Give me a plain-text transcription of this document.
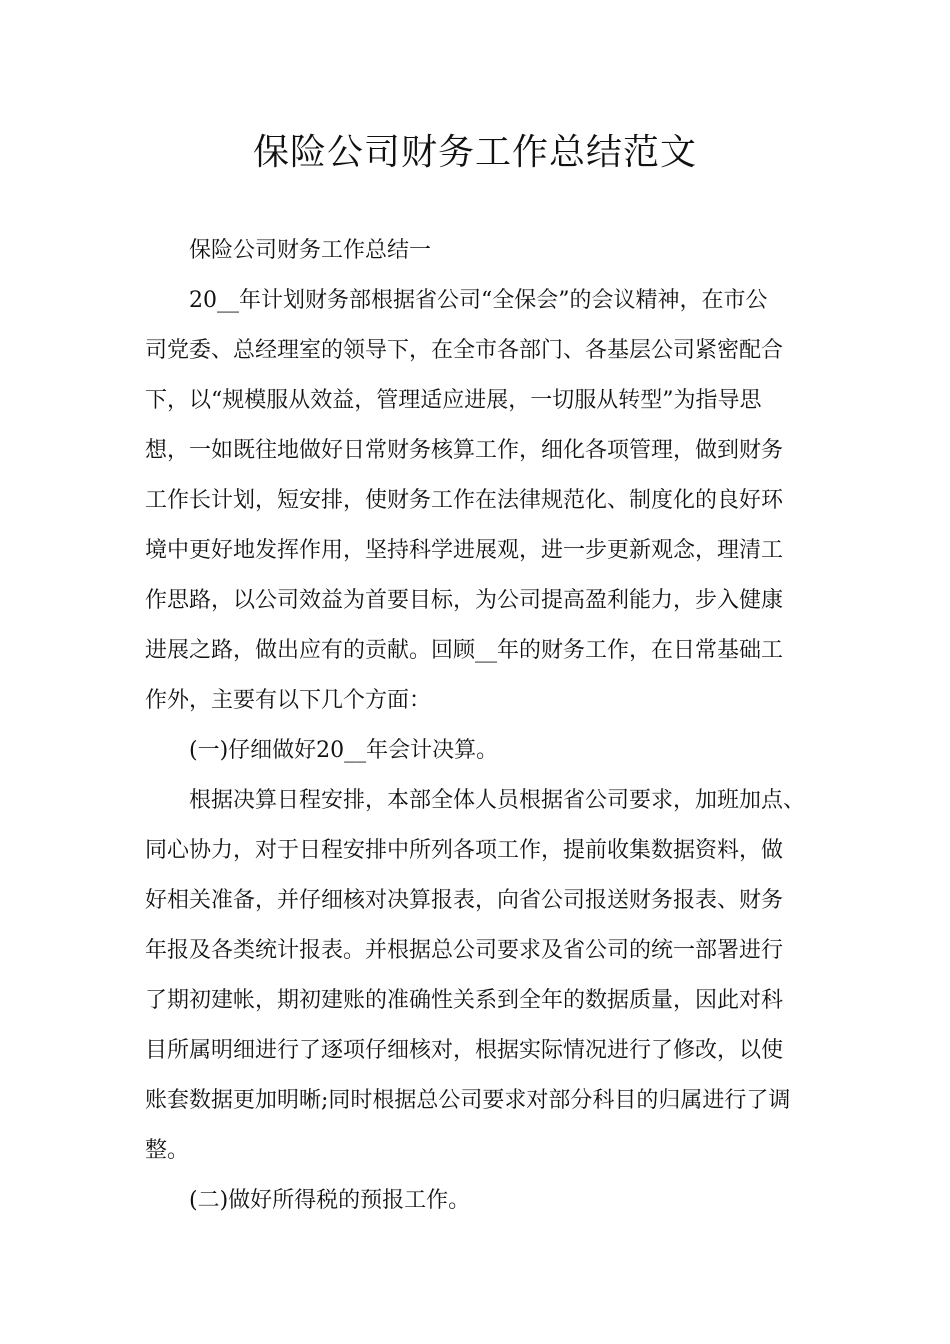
保险公司财务工作总结范文

保险公司财务工作总结一

20__年计划财务部根据省公司“全保会”的会议精神，在市公
司党委、总经理室的领导下，在全市各部门、各基层公司紧密配合
下，以“规模服从效益，管理适应进展，一切服从转型”为指导思
想，一如既往地做好日常财务核算工作，细化各项管理，做到财务
工作长计划，短安排，使财务工作在法律规范化、制度化的良好环
境中更好地发挥作用，坚持科学进展观，进一步更新观念，理清工
作思路，以公司效益为首要目标，为公司提高盈利能力，步入健康
进展之路，做出应有的贡献。回顾__年的财务工作，在日常基础工
作外，主要有以下几个方面：

(一)仔细做好20__年会计决算。

根据决算日程安排，本部全体人员根据省公司要求，加班加点、
同心协力，对于日程安排中所列各项工作，提前收集数据资料，做
好相关准备，并仔细核对决算报表，向省公司报送财务报表、财务
年报及各类统计报表。并根据总公司要求及省公司的统一部署进行
了期初建帐，期初建账的准确性关系到全年的数据质量，因此对科
目所属明细进行了逐项仔细核对，根据实际情况进行了修改，以使
账套数据更加明晰;同时根据总公司要求对部分科目的归属进行了调
整。

(二)做好所得税的预报工作。
